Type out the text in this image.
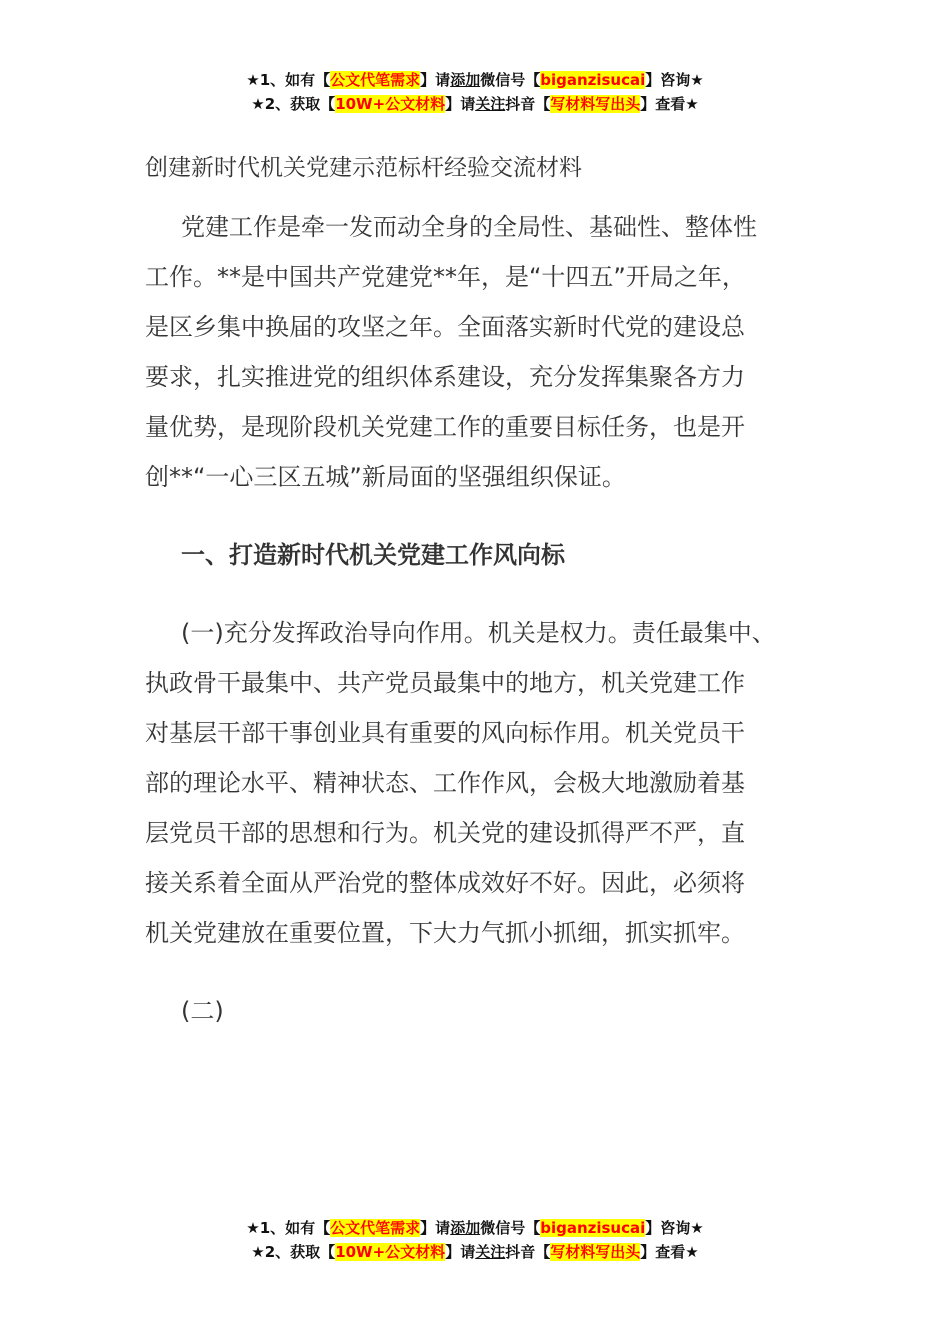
★1、如有【公文代笔需求】请添加微信号【biganzisucai】咨询★
★2、获取【10W+公文材料】请关注抖音【写材料写出头】查看★
创建新时代机关党建示范标杆经验交流材料
党建工作是牵一发而动全身的全局性、基础性、整体性
工作。**是中国共产党建党**年，是“十四五”开局之年，
是区乡集中换届的攻坚之年。全面落实新时代党的建设总
要求，扎实推进党的组织体系建设，充分发挥集聚各方力
量优势，是现阶段机关党建工作的重要目标任务，也是开
创**“一心三区五城”新局面的坚强组织保证。
一、打造新时代机关党建工作风向标
(一)充分发挥政治导向作用。机关是权力。责任最集中、
执政骨干最集中、共产党员最集中的地方，机关党建工作
对基层干部干事创业具有重要的风向标作用。机关党员干
部的理论水平、精神状态、工作作风，会极大地激励着基
层党员干部的思想和行为。机关党的建设抓得严不严，直
接关系着全面从严治党的整体成效好不好。因此，必须将
机关党建放在重要位置，下大力气抓小抓细，抓实抓牢。
(二)
★1、如有【公文代笔需求】请添加微信号【biganzisucai】咨询★
★2、获取【10W+公文材料】请关注抖音【写材料写出头】查看★
